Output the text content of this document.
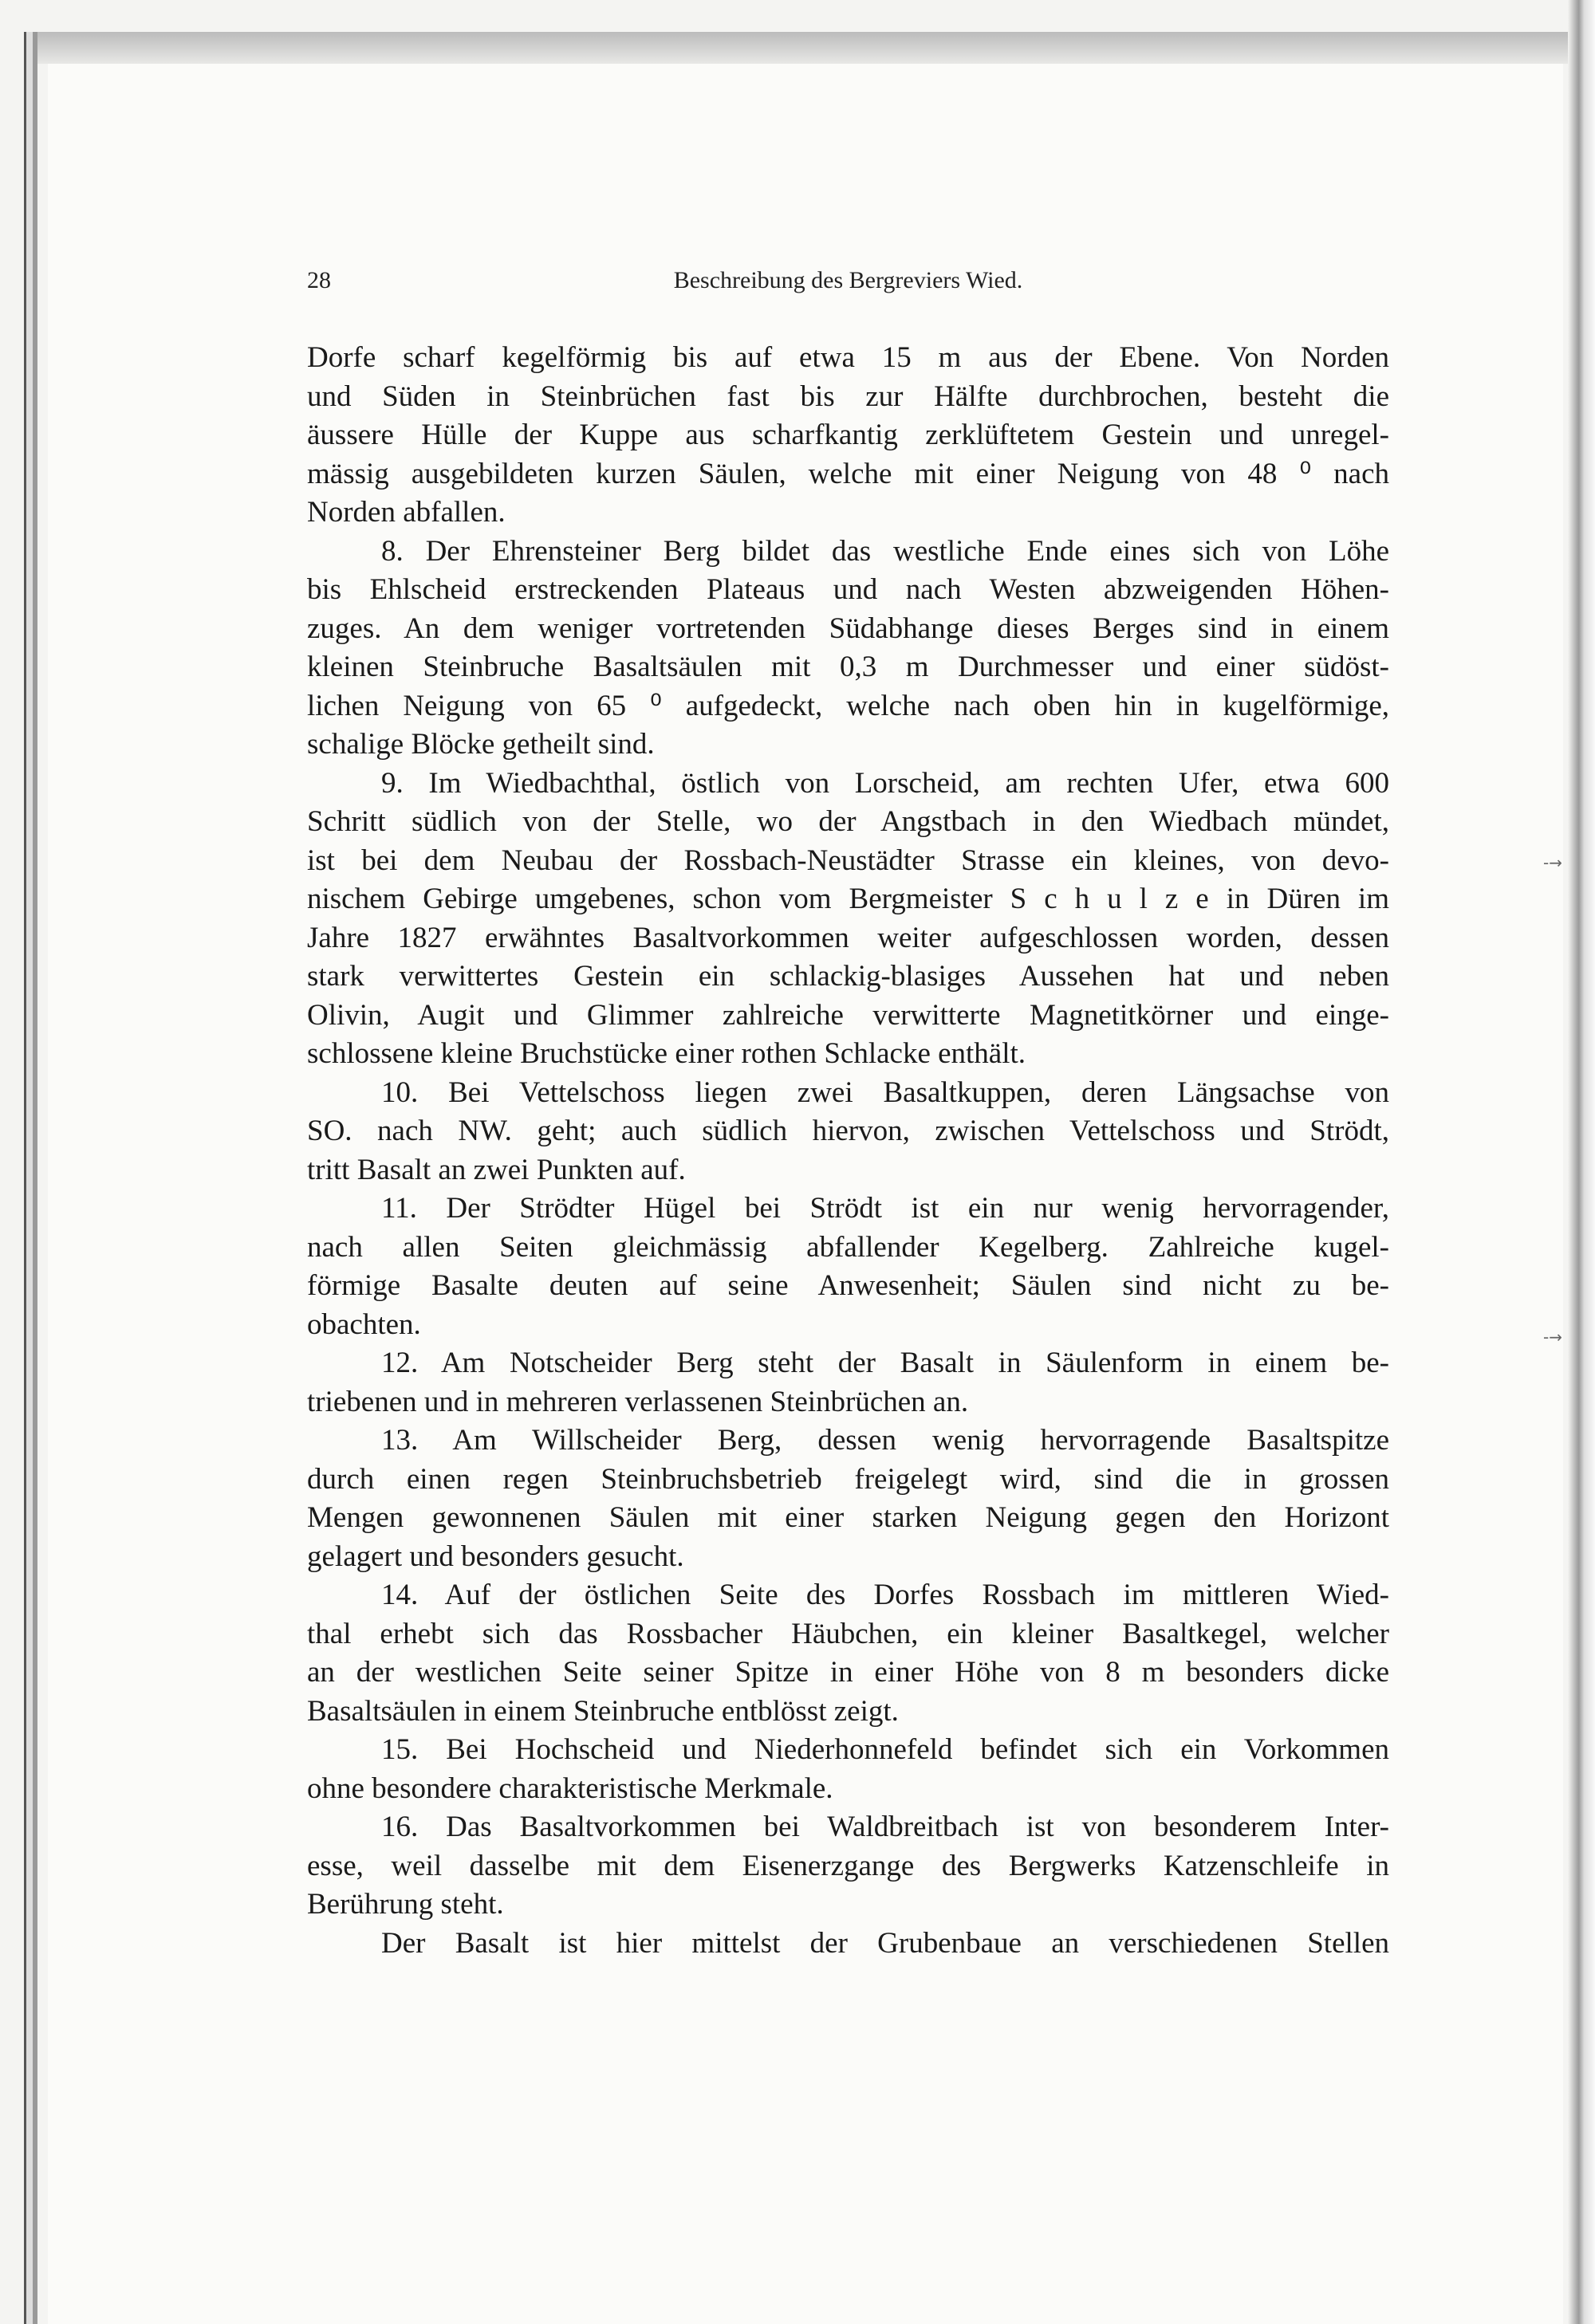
28	Beschreibung des Bergreviers Wied.
Dorfe scharf kegelförmig bis auf etwa 15 m aus der Ebene. Von Norden
und Süden in Steinbrüchen fast bis zur Hälfte durchbrochen, besteht die
äussere Hülle der Kuppe aus scharfkantig zerklüftetem Gestein und unregel-
mässig ausgebildeten kurzen Säulen, welche mit einer Neigung von 48 ⁰ nach
Norden abfallen.
8. Der Ehrensteiner Berg bildet das westliche Ende eines sich von Löhe
bis Ehlscheid erstreckenden Plateaus und nach Westen abzweigenden Höhen-
zuges. An dem weniger vortretenden Südabhange dieses Berges sind in einem
kleinen Steinbruche Basaltsäulen mit 0,3 m Durchmesser und einer südöst-
lichen Neigung von 65 ⁰ aufgedeckt, welche nach oben hin in kugelförmige,
schalige Blöcke getheilt sind.
9. Im Wiedbachthal, östlich von Lorscheid, am rechten Ufer, etwa 600
Schritt südlich von der Stelle, wo der Angstbach in den Wiedbach mündet,
ist bei dem Neubau der Rossbach-Neustädter Strasse ein kleines, von devo-
nischem Gebirge umgebenes, schon vom Bergmeister S c h u l z e in Düren im
Jahre 1827 erwähntes Basaltvorkommen weiter aufgeschlossen worden, dessen
stark verwittertes Gestein ein schlackig-blasiges Aussehen hat und neben
Olivin, Augit und Glimmer zahlreiche verwitterte Magnetitkörner und einge-
schlossene kleine Bruchstücke einer rothen Schlacke enthält.
10. Bei Vettelschoss liegen zwei Basaltkuppen, deren Längsachse von
SO. nach NW. geht; auch südlich hiervon, zwischen Vettelschoss und Strödt,
tritt Basalt an zwei Punkten auf.
11. Der Strödter Hügel bei Strödt ist ein nur wenig hervorragender,
nach allen Seiten gleichmässig abfallender Kegelberg. Zahlreiche kugel-
förmige Basalte deuten auf seine Anwesenheit; Säulen sind nicht zu be-
obachten.
12. Am Notscheider Berg steht der Basalt in Säulenform in einem be-
triebenen und in mehreren verlassenen Steinbrüchen an.
13. Am Willscheider Berg, dessen wenig hervorragende Basaltspitze
durch einen regen Steinbruchsbetrieb freigelegt wird, sind die in grossen
Mengen gewonnenen Säulen mit einer starken Neigung gegen den Horizont
gelagert und besonders gesucht.
14. Auf der östlichen Seite des Dorfes Rossbach im mittleren Wied-
thal erhebt sich das Rossbacher Häubchen, ein kleiner Basaltkegel, welcher
an der westlichen Seite seiner Spitze in einer Höhe von 8 m besonders dicke
Basaltsäulen in einem Steinbruche entblösst zeigt.
15. Bei Hochscheid und Niederhonnefeld befindet sich ein Vorkommen
ohne besondere charakteristische Merkmale.
16. Das Basaltvorkommen bei Waldbreitbach ist von besonderem Inter-
esse, weil dasselbe mit dem Eisenerzgange des Bergwerks Katzenschleife in
Berührung steht.
Der Basalt ist hier mittelst der Grubenbaue an verschiedenen Stellen
-→
-→
